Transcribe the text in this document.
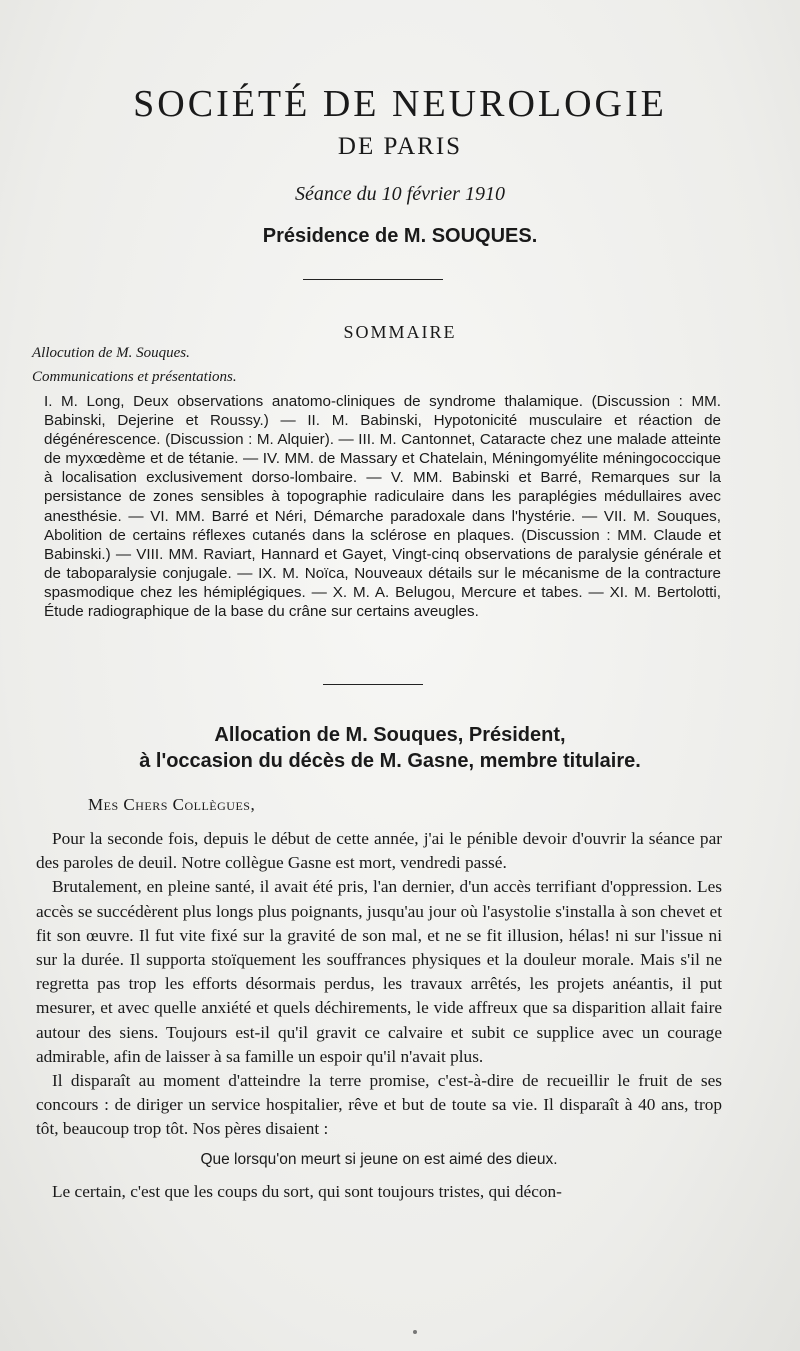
SOCIÉTÉ DE NEUROLOGIE
DE PARIS
Séance du 10 février 1910
Présidence de M. SOUQUES.
SOMMAIRE
Allocution de M. Souques.
Communications et présentations.
I. M. Long, Deux observations anatomo-cliniques de syndrome thalamique. (Discussion : MM. Babinski, Dejerine et Roussy.) — II. M. Babinski, Hypotonicité musculaire et réaction de dégénérescence. (Discussion : M. Alquier). — III. M. Cantonnet, Cataracte chez une malade atteinte de myxœdème et de tétanie. — IV. MM. de Massary et Chatelain, Méningomyélite méningococcique à localisation exclusivement dorso-lombaire. — V. MM. Babinski et Barré, Remarques sur la persistance de zones sensibles à topographie radiculaire dans les paraplégies médullaires avec anesthésie. — VI. MM. Barré et Néri, Démarche paradoxale dans l'hystérie. — VII. M. Souques, Abolition de certains réflexes cutanés dans la sclérose en plaques. (Discussion : MM. Claude et Babinski.) — VIII. MM. Raviart, Hannard et Gayet, Vingt-cinq observations de paralysie générale et de taboparalysie conjugale. — IX. M. Noïca, Nouveaux détails sur le mécanisme de la contracture spasmodique chez les hémiplégiques. — X. M. A. Belugou, Mercure et tabes. — XI. M. Bertolotti, Étude radiographique de la base du crâne sur certains aveugles.
Allocation de M. Souques, Président,
à l'occasion du décès de M. Gasne, membre titulaire.
Mes Chers Collègues,

Pour la seconde fois, depuis le début de cette année, j'ai le pénible devoir d'ouvrir la séance par des paroles de deuil. Notre collègue Gasne est mort, vendredi passé.

Brutalement, en pleine santé, il avait été pris, l'an dernier, d'un accès terrifiant d'oppression. Les accès se succédèrent plus longs plus poignants, jusqu'au jour où l'asystolie s'installa à son chevet et fit son œuvre. Il fut vite fixé sur la gravité de son mal, et ne se fit illusion, hélas! ni sur l'issue ni sur la durée. Il supporta stoïquement les souffrances physiques et la douleur morale. Mais s'il ne regretta pas trop les efforts désormais perdus, les travaux arrêtés, les projets anéantis, il put mesurer, et avec quelle anxiété et quels déchirements, le vide affreux que sa disparition allait faire autour des siens. Toujours est-il qu'il gravit ce calvaire et subit ce supplice avec un courage admirable, afin de laisser à sa famille un espoir qu'il n'avait plus.

Il disparaît au moment d'atteindre la terre promise, c'est-à-dire de recueillir le fruit de ses concours : de diriger un service hospitalier, rêve et but de toute sa vie. Il disparaît à 40 ans, trop tôt, beaucoup trop tôt. Nos pères disaient :

Que lorsqu'on meurt si jeune on est aimé des dieux.

Le certain, c'est que les coups du sort, qui sont toujours tristes, qui décon-
